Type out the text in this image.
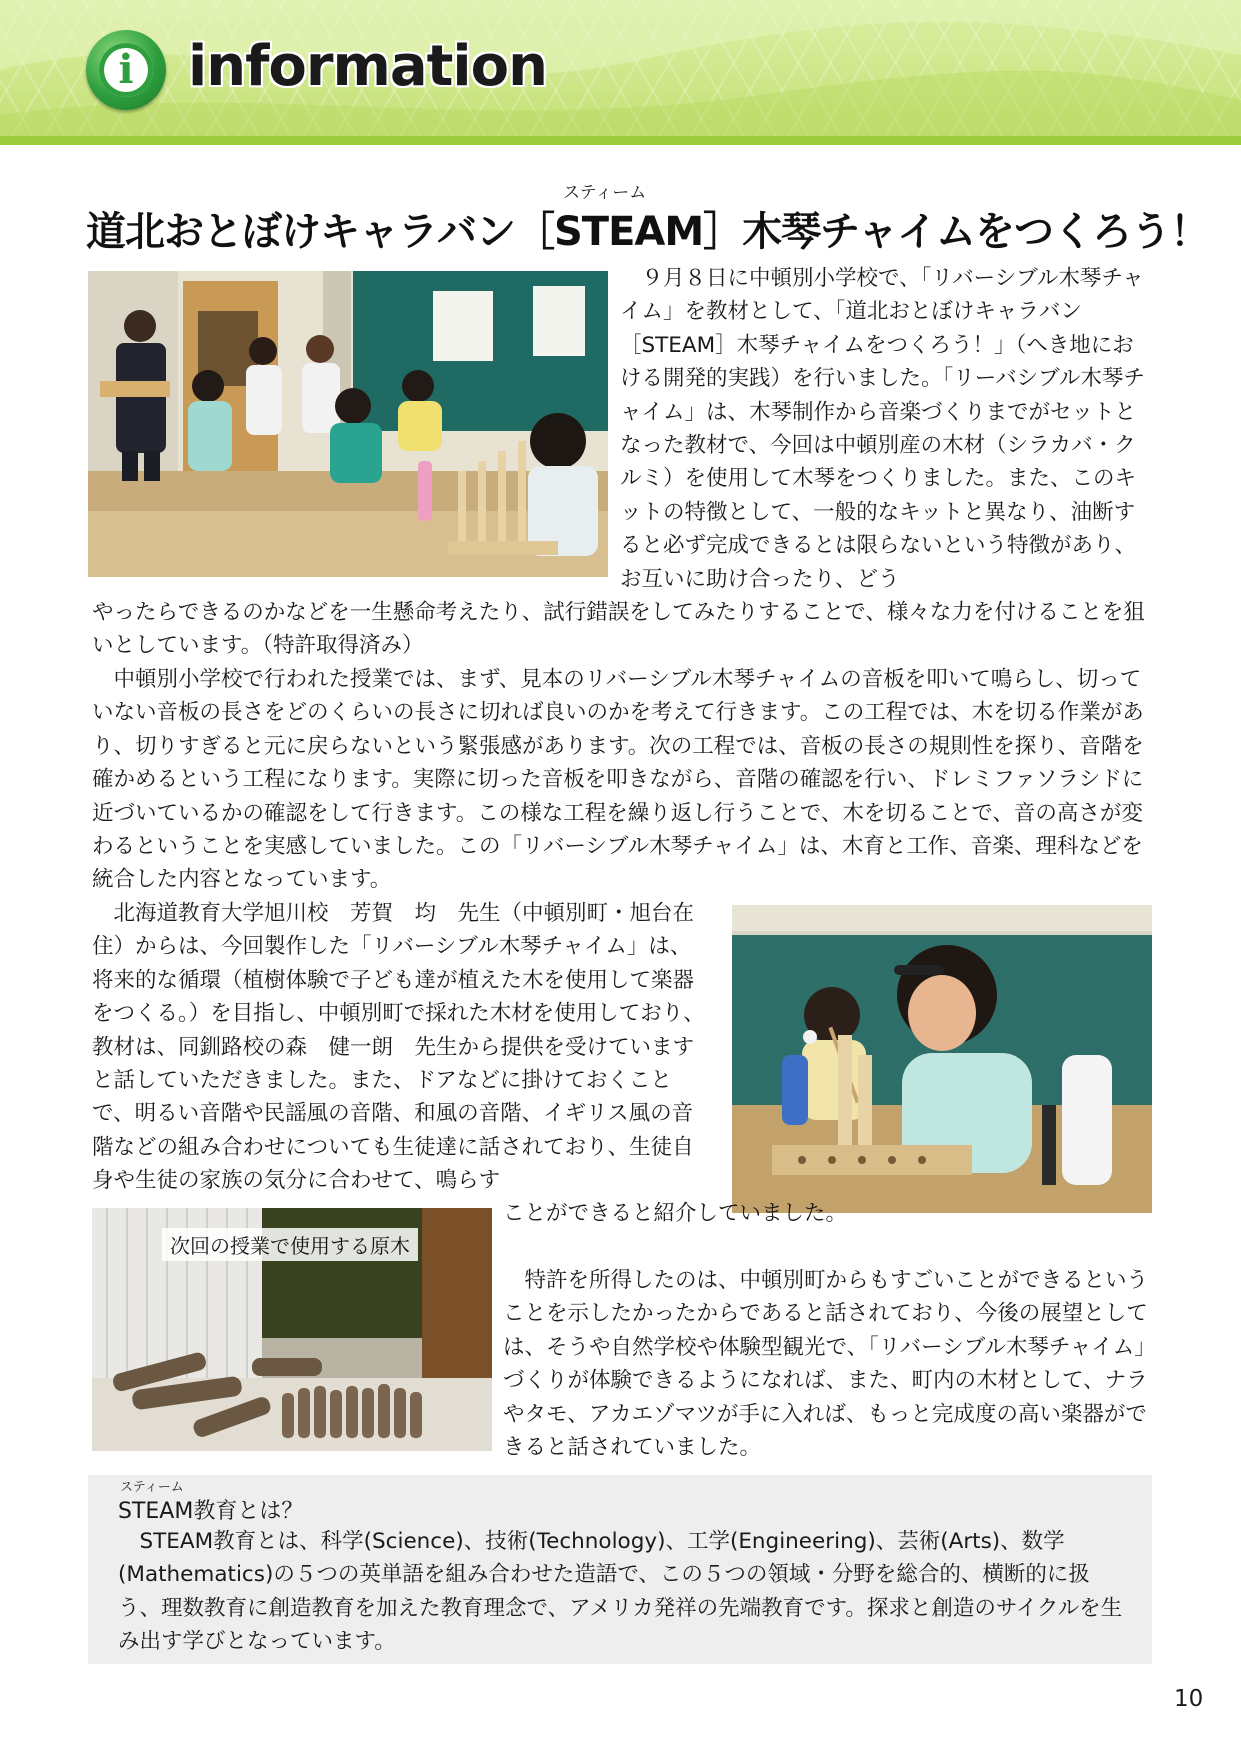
i information
スティーム
道北おとぼけキャラバン［STEAM］木琴チャイムをつくろう！

　９月８日に中頓別小学校で、「リバーシブル木琴チャイム」を教材として、「道北おとぼけキャラバン［STEAM］木琴チャイムをつくろう！」（へき地における開発的実践）を行いました。「リーバシブル木琴チャイム」は、木琴制作から音楽づくりまでがセットとなった教材で、今回は中頓別産の木材（シラカバ・クルミ）を使用して木琴をつくりました。また、このキットの特徴として、一般的なキットと異なり、油断すると必ず完成できるとは限らないという特徴があり、お互いに助け合ったり、どう

やったらできるのかなどを一生懸命考えたり、試行錯誤をしてみたりすることで、様々な力を付けることを狙いとしています。（特許取得済み）

　中頓別小学校で行われた授業では、まず、見本のリバーシブル木琴チャイムの音板を叩いて鳴らし、切っていない音板の長さをどのくらいの長さに切れば良いのかを考えて行きます。この工程では、木を切る作業があり、切りすぎると元に戻らないという緊張感があります。次の工程では、音板の長さの規則性を探り、音階を確かめるという工程になります。実際に切った音板を叩きながら、音階の確認を行い、ドレミファソラシドに近づいているかの確認をして行きます。この様な工程を繰り返し行うことで、木を切ることで、音の高さが変わるということを実感していました。この「リバーシブル木琴チャイム」は、木育と工作、音楽、理科などを統合した内容となっています。

　北海道教育大学旭川校　芳賀　均　先生（中頓別町・旭台在住）からは、今回製作した「リバーシブル木琴チャイム」は、将来的な循環（植樹体験で子ども達が植えた木を使用して楽器をつくる。）を目指し、中頓別町で採れた木材を使用しており、教材は、同釧路校の森　健一朗　先生から提供を受けていますと話していただきました。また、ドアなどに掛けておくことで、明るい音階や民謡風の音階、和風の音階、イギリス風の音階などの組み合わせについても生徒達に話されており、生徒自身や生徒の家族の気分に合わせて、鳴らす

次回の授業で使用する原木

ことができると紹介していました。

　特許を所得したのは、中頓別町からもすごいことができるということを示したかったからであると話されており、今後の展望としては、そうや自然学校や体験型観光で、「リバーシブル木琴チャイム」づくりが体験できるようになれば、また、町内の木材として、ナラやタモ、アカエゾマツが手に入れば、もっと完成度の高い楽器ができると話されていました。

スティーム
STEAM教育とは？

　STEAM教育とは、科学(Science)、技術(Technology)、工学(Engineering)、芸術(Arts)、数学(Mathematics)の５つの英単語を組み合わせた造語で、この５つの領域・分野を総合的、横断的に扱う、理数教育に創造教育を加えた教育理念で、アメリカ発祥の先端教育です。探求と創造のサイクルを生み出す学びとなっています。

10
